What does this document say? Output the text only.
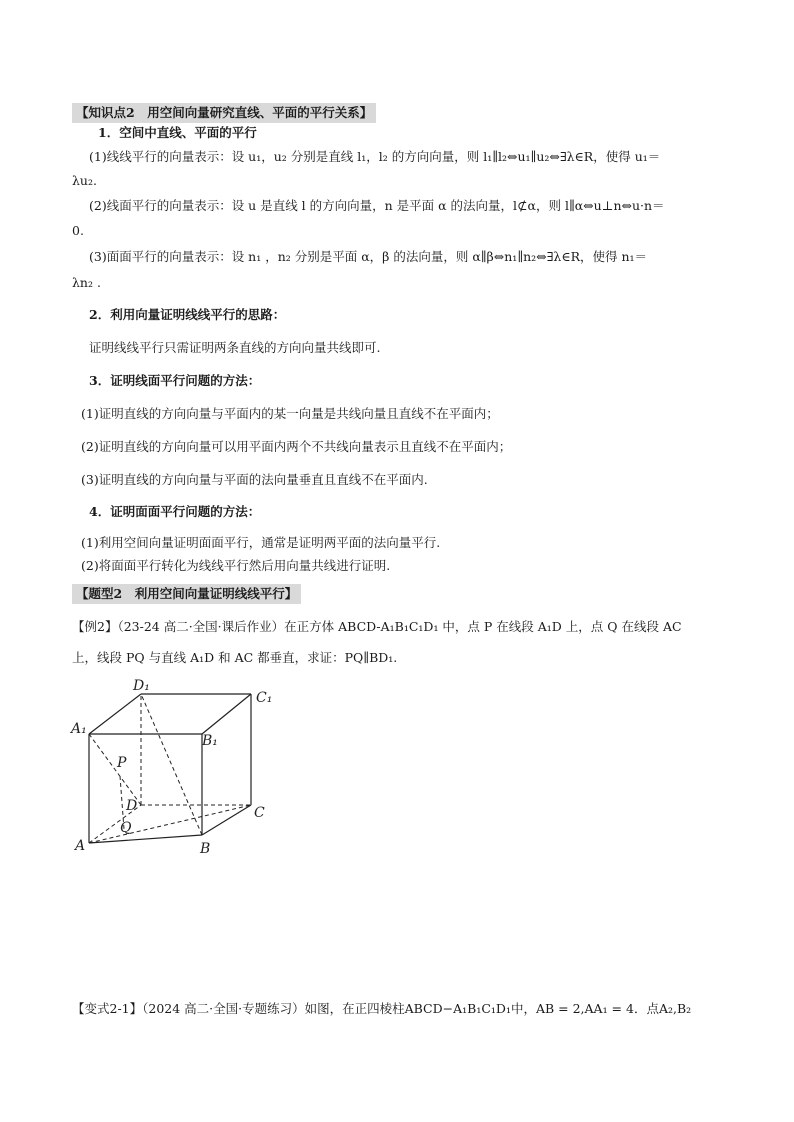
【知识点2　用空间向量研究直线、平面的平行关系】
1．空间中直线、平面的平行
(1)线线平行的向量表示：设 u₁，u₂ 分别是直线 l₁，l₂ 的方向向量，则 l₁∥l₂⇔u₁∥u₂⇔∃λ∈R，使得 u₁＝
λu₂.
(2)线面平行的向量表示：设 u 是直线 l 的方向向量，n 是平面 α 的法向量，l⊄α，则 l∥α⇔u⊥n⇔u·n＝
0.
(3)面面平行的向量表示：设 n₁ ，n₂ 分别是平面 α，β 的法向量，则 α∥β⇔n₁∥n₂⇔∃λ∈R，使得 n₁＝
λn₂ .
2．利用向量证明线线平行的思路：
证明线线平行只需证明两条直线的方向向量共线即可.
3．证明线面平行问题的方法：
(1)证明直线的方向向量与平面内的某一向量是共线向量且直线不在平面内；
(2)证明直线的方向向量可以用平面内两个不共线向量表示且直线不在平面内；
(3)证明直线的方向向量与平面的法向量垂直且直线不在平面内.
4．证明面面平行问题的方法：
(1)利用空间向量证明面面平行，通常是证明两平面的法向量平行.
(2)将面面平行转化为线线平行然后用向量共线进行证明.
【题型2　利用空间向量证明线线平行】
【例2】（23-24 高二·全国·课后作业）在正方体 ABCD-A₁B₁C₁D₁ 中，点 P 在线段 A₁D 上，点 Q 在线段 AC
上，线段 PQ 与直线 A₁D 和 AC 都垂直，求证：PQ∥BD₁.
D₁
C₁
A₁
B₁
P
D	C
Q
A	B
【变式2-1】（2024 高二·全国·专题练习）如图，在正四棱柱ABCD−A₁B₁C₁D₁中，AB = 2,AA₁ = 4．点A₂,B₂
